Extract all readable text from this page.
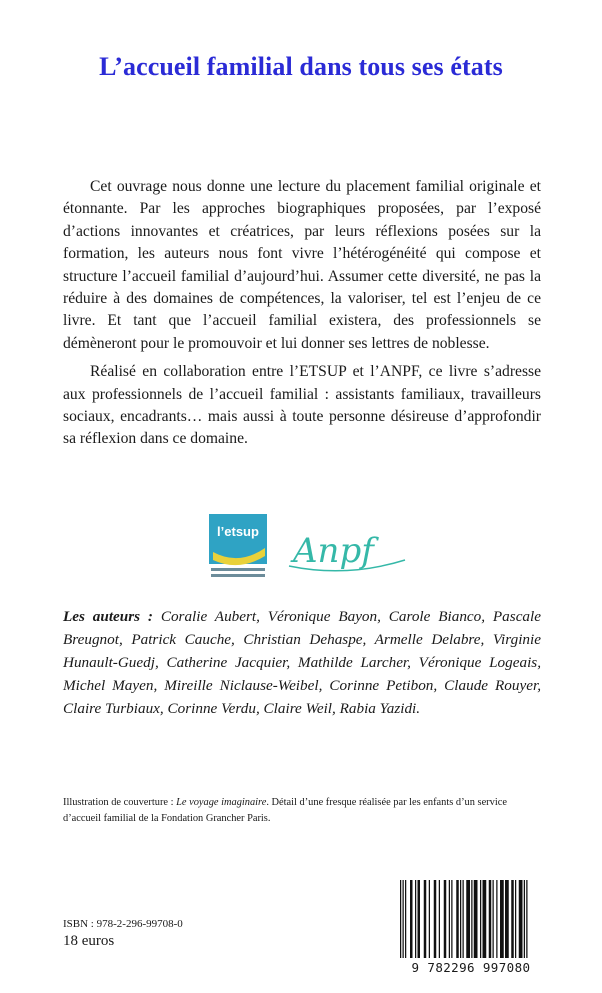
L’accueil familial dans tous ses états

Cet ouvrage nous donne une lecture du placement familial originale et étonnante. Par les approches biographiques proposées, par l’exposé d’actions innovantes et créatrices, par leurs réflexions posées sur la formation, les auteurs nous font vivre l’hétérogénéité qui compose et structure l’accueil familial d’aujourd’hui. Assumer cette diversité, ne pas la réduire à des domaines de compétences, la valoriser, tel est l’enjeu de ce livre. Et tant que l’accueil familial existera, des professionnels se démèneront pour le promouvoir et lui donner ses lettres de noblesse.

Réalisé en collaboration entre l’ETSUP et l’ANPF, ce livre s’adresse aux professionnels de l’accueil familial : assistants familiaux, travailleurs sociaux, encadrants… mais aussi à toute personne désireuse d’approfondir sa réflexion dans ce domaine.

l’etsup Anpf
Les auteurs : Coralie Aubert, Véronique Bayon, Carole Bianco, Pascale Breugnot, Patrick Cauche, Christian Dehaspe, Armelle Delabre, Virginie Hunault-Guedj, Catherine Jacquier, Mathilde Larcher, Véronique Logeais, Michel Mayen, Mireille Niclause-Weibel, Corinne Petibon, Claude Rouyer, Claire Turbiaux, Corinne Verdu, Claire Weil, Rabia Yazidi.
Illustration de couverture : Le voyage imaginaire. Détail d’une fresque réalisée par les enfants d’un service d’accueil familial de la Fondation Grancher Paris.
ISBN : 978-2-296-99708-0
18 euros
9 782296 997080
